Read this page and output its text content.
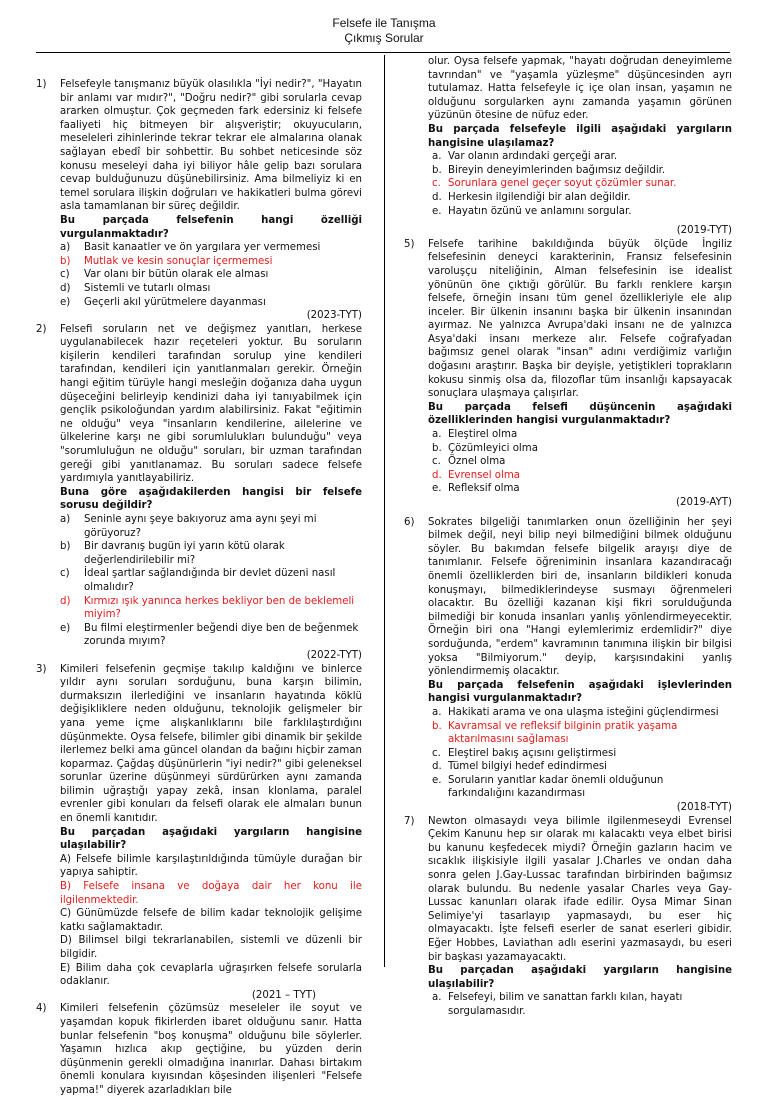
Felsefe ile Tanışma
Çıkmış Sorular
1) Felsefeyle tanışmanız büyük olasılıkla "İyi nedir?", "Hayatın bir anlamı var mıdır?", "Doğru nedir?" gibi sorularla cevap ararken olmuştur. Çok geçmeden fark edersiniz ki felsefe faaliyeti hiç bitmeyen bir alışveriştir; okuyucuların, meseleleri zihinlerinde tekrar tekrar ele almalarına olanak sağlayan ebedî bir sohbettir. Bu sohbet neticesinde söz konusu meseleyi daha iyi biliyor hâle gelip bazı sorulara cevap bulduğunuzu düşünebilirsiniz. Ama bilmeliyiz ki en temel sorulara ilişkin doğruları ve hakikatleri bulma görevi asla tamamlanan bir süreç değildir.
Bu parçada felsefenin hangi özelliği vurgulanmaktadır?
a) Basit kanaatler ve ön yargılara yer vermemesi
b) Mutlak ve kesin sonuçlar içermemesi
c) Var olanı bir bütün olarak ele alması
d) Sistemli ve tutarlı olması
e) Geçerli akıl yürütmelere dayanması
(2023-TYT)
2) Felsefi soruların net ve değişmez yanıtları, herkese uygulanabilecek hazır reçeteleri yoktur. Bu soruların kişilerin kendileri tarafından sorulup yine kendileri tarafından, kendileri için yanıtlanmaları gerekir. Örneğin hangi eğitim türüyle hangi mesleğin doğanıza daha uygun düşeceğini belirleyip kendinizi daha iyi tanıyabilmek için gençlik psikoloğundan yardım alabilirsiniz. Fakat "eğitimin ne olduğu" veya "insanların kendilerine, ailelerine ve ülkelerine karşı ne gibi sorumlulukları bulunduğu" veya "sorumluluğun ne olduğu" soruları, bir uzman tarafından gereği gibi yanıtlanamaz. Bu soruları sadece felsefe yardımıyla yanıtlayabiliriz.
Buna göre aşağıdakilerden hangisi bir felsefe sorusu değildir?
a) Seninle aynı şeye bakıyoruz ama aynı şeyi mi görüyoruz?
b) Bir davranış bugün iyi yarın kötü olarak değerlendirilebilir mi?
c) İdeal şartlar sağlandığında bir devlet düzeni nasıl olmalıdır?
d) Kırmızı ışık yanınca herkes bekliyor ben de beklemeli miyim?
e) Bu filmi eleştirmenler beğendi diye ben de beğenmek zorunda mıyım?
(2022-TYT)
3) Kimileri felsefenin geçmişe takılıp kaldığını ve binlerce yıldır aynı soruları sorduğunu, buna karşın bilimin, durmaksızın ilerlediğini ve insanların hayatında köklü değişikliklere neden olduğunu, teknolojik gelişmeler bir yana yeme içme alışkanlıklarını bile farklılaştırdığını düşünmekte. Oysa felsefe, bilimler gibi dinamik bir şekilde ilerlemez belki ama güncel olandan da bağını hiçbir zaman koparmaz. Çağdaş düşünürlerin "iyi nedir?" gibi geleneksel sorunlar üzerine düşünmeyi sürdürürken aynı zamanda bilimin uğraştığı yapay zekâ, insan klonlama, paralel evrenler gibi konuları da felsefi olarak ele almaları bunun en önemli kanıtıdır.
Bu parçadan aşağıdaki yargıların hangisine ulaşılabilir?
A) Felsefe bilimle karşılaştırıldığında tümüyle durağan bir yapıya sahiptir.
B) Felsefe insana ve doğaya dair her konu ile ilgilenmektedir.
C) Günümüzde felsefe de bilim kadar teknolojik gelişime katkı sağlamaktadır.
D) Bilimsel bilgi tekrarlanabilen, sistemli ve düzenli bir bilgidir.
E) Bilim daha çok cevaplarla uğraşırken felsefe sorularla odaklanır.
(2021 – TYT)
4) Kimileri felsefenin çözümsüz meseleler ile soyut ve yaşamdan kopuk fikirlerden ibaret olduğunu sanır. Hatta bunlar felsefenin "boş konuşma" olduğunu bile söylerler. Yaşamın hızlıca akıp geçtiğine, bu yüzden derin düşünmenin gerekli olmadığına inanırlar. Dahası birtakım önemli konulara kıyısından köşesinden ilişenleri "Felsefe yapma!" diyerek azarladıkları bile
olur. Oysa felsefe yapmak, "hayatı doğrudan deneyimleme tavrından" ve "yaşamla yüzleşme" düşüncesinden ayrı tutulamaz. Hatta felsefeyle iç içe olan insan, yaşamın ne olduğunu sorgularken aynı zamanda yaşamın görünen yüzünün ötesine de nüfuz eder.
Bu parçada felsefeyle ilgili aşağıdaki yargıların hangisine ulaşılamaz?
a. Var olanın ardındaki gerçeği arar.
b. Bireyin deneyimlerinden bağımsız değildir.
c. Sorunlara genel geçer soyut çözümler sunar.
d. Herkesin ilgilendiği bir alan değildir.
e. Hayatın özünü ve anlamını sorgular.
(2019-TYT)
5) Felsefe tarihine bakıldığında büyük ölçüde İngiliz felsefesinin deneyci karakterinin, Fransız felsefesinin varoluşçu niteliğinin, Alman felsefesinin ise idealist yönünün öne çıktığı görülür. Bu farklı renklere karşın felsefe, örneğin insanı tüm genel özellikleriyle ele alıp inceler. Bir ülkenin insanını başka bir ülkenin insanından ayırmaz. Ne yalnızca Avrupa'daki insanı ne de yalnızca Asya'daki insanı merkeze alır. Felsefe coğrafyadan bağımsız genel olarak "insan" adını verdiğimiz varlığın doğasını araştırır. Başka bir deyişle, yetiştikleri toprakların kokusu sinmiş olsa da, filozoflar tüm insanlığı kapsayacak sonuçlara ulaşmaya çalışırlar.
Bu parçada felsefi düşüncenin aşağıdaki özelliklerinden hangisi vurgulanmaktadır?
a. Eleştirel olma
b. Çözümleyici olma
c. Öznel olma
d. Evrensel olma
e. Refleksif olma
(2019-AYT)
6) Sokrates bilgeliği tanımlarken onun özelliğinin her şeyi bilmek değil, neyi bilip neyi bilmediğini bilmek olduğunu söyler. Bu bakımdan felsefe bilgelik arayışı diye de tanımlanır. Felsefe öğreniminin insanlara kazandıracağı önemli özelliklerden biri de, insanların bildikleri konuda konuşmayı, bilmediklerindeyse susmayı öğrenmeleri olacaktır. Bu özelliği kazanan kişi fikri sorulduğunda bilmediği bir konuda insanları yanlış yönlendirmeyecektir. Örneğin biri ona "Hangi eylemlerimiz erdemlidir?" diye sorduğunda, "erdem" kavramının tanımına ilişkin bir bilgisi yoksa "Bilmiyorum." deyip, karşısındakini yanlış yönlendirmemiş olacaktır.
Bu parçada felsefenin aşağıdaki işlevlerinden hangisi vurgulanmaktadır?
a. Hakikati arama ve ona ulaşma isteğini güçlendirmesi
b. Kavramsal ve refleksif bilginin pratik yaşama aktarılmasını sağlaması
c. Eleştirel bakış açısını geliştirmesi
d. Tümel bilgiyi hedef edindirmesi
e. Soruların yanıtlar kadar önemli olduğunun farkındalığını kazandırması
(2018-TYT)
7) Newton olmasaydı veya bilimle ilgilenmeseydi Evrensel Çekim Kanunu hep sır olarak mı kalacaktı veya elbet birisi bu kanunu keşfedecek miydi? Örneğin gazların hacim ve sıcaklık ilişkisiyle ilgili yasalar J.Charles ve ondan daha sonra gelen J.Gay-Lussac tarafından birbirinden bağımsız olarak bulundu. Bu nedenle yasalar Charles veya Gay-Lussac kanunları olarak ifade edilir. Oysa Mimar Sinan Selimiye'yi tasarlayıp yapmasaydı, bu eser hiç olmayacaktı. İşte felsefi eserler de sanat eserleri gibidir. Eğer Hobbes, Laviathan adlı eserini yazmasaydı, bu eseri bir başkası yazamayacaktı.
Bu parçadan aşağıdaki yargıların hangisine ulaşılabilir?
a. Felsefeyi, bilim ve sanattan farklı kılan, hayatı sorgulamasıdır.
